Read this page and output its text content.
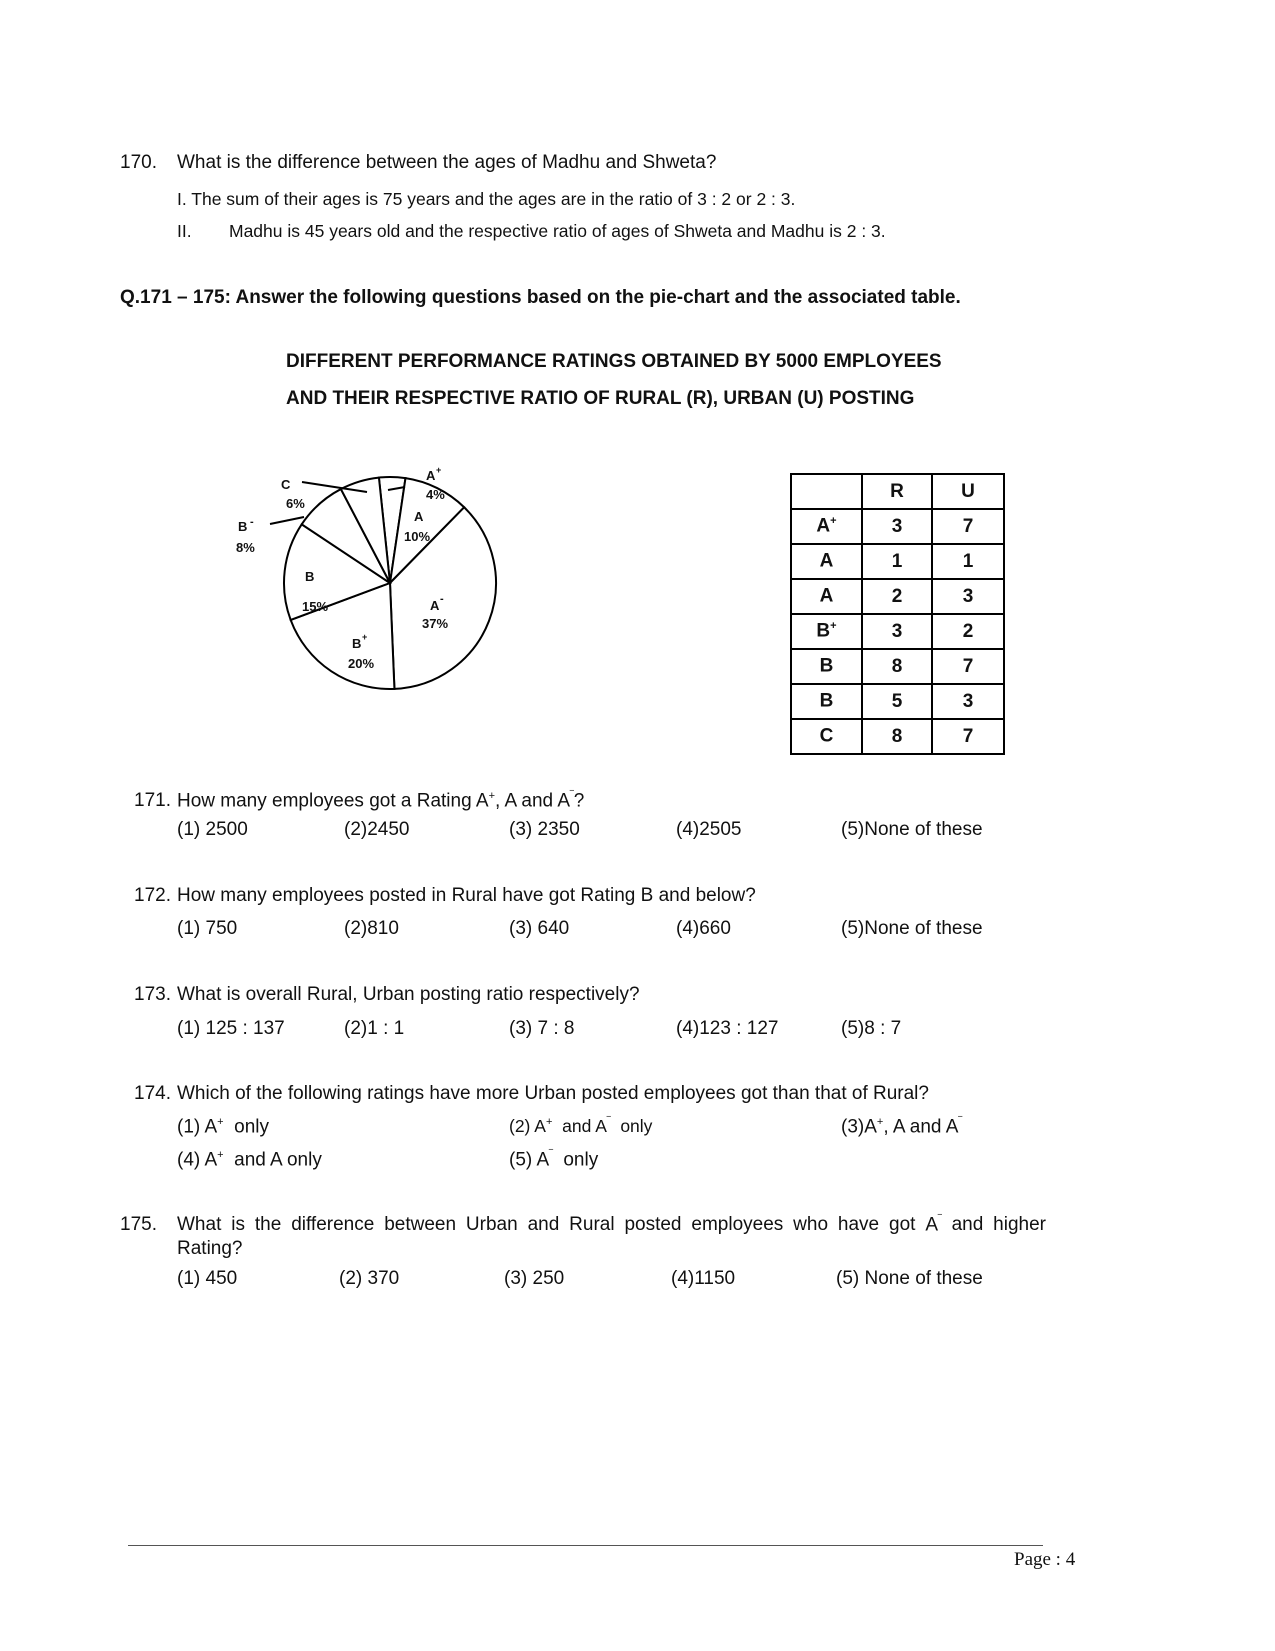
170. What is the difference between the ages of Madhu and Shweta?
I. The sum of their ages is 75 years and the ages are in the ratio of 3 : 2 or 2 : 3.
II. Madhu is 45 years old and the respective ratio of ages of Shweta and Madhu is 2 : 3.
Q.171 – 175: Answer the following questions based on the pie-chart and the associated table.
DIFFERENT PERFORMANCE RATINGS OBTAINED BY 5000 EMPLOYEES
AND THEIR RESPECTIVE RATIO OF RURAL (R), URBAN (U) POSTING
C
6%
A +
4%
A
10%
B -
8%
B
15%	A -
37%
B +
20%
	R	U
A+	3	7
A	1	1
A	2	3
B+	3	2
B	8	7
B	5	3
C	8	7
171. How many employees got a Rating A+, A and A‾?
(1) 2500	(2)2450	(3) 2350	(4)2505	(5)None of these
172. How many employees posted in Rural have got Rating B and below?
(1) 750	(2)810	(3) 640	(4)660	(5)None of these
173. What is overall Rural, Urban posting ratio respectively?
(1) 125 : 137	(2)1 : 1	(3) 7 : 8	(4)123 : 127	(5)8 : 7
174. Which of the following ratings have more Urban posted employees got than that of Rural?
(1) A+ only	(2) A+ and A‾ only	(3)A+, A and A‾
(4) A+ and A only	(5) A‾ only
175. What is the difference between Urban and Rural posted employees who have got A‾ and higher
Rating?
(1) 450	(2) 370	(3) 250	(4)1150	(5) None of these
Page : 4
